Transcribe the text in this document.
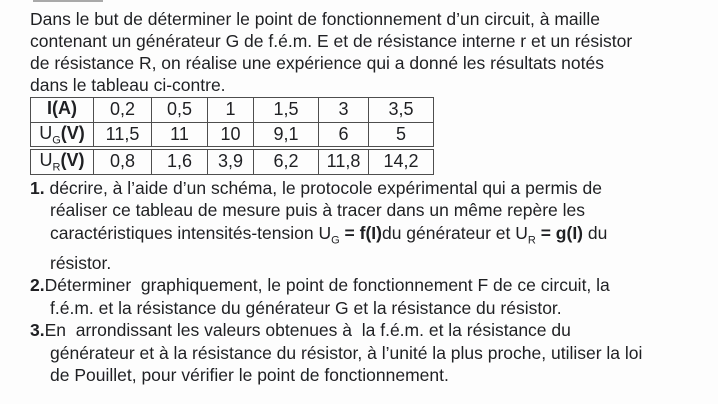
Dans le but de déterminer le point de fonctionnement d’un circuit, à maille
contenant un générateur G de f.é.m. E et de résistance interne r et un résistor
de résistance R, on réalise une expérience qui a donné les résultats notés
dans le tableau ci-contre.
I(A)	0,2	0,5	1	1,5	3	3,5
$U_G(V)$	11,5	11	10	9,1	6	5
$U_R(V)$	0,8	1,6	3,9	6,2	11,8	14,2
1. décrire, à l’aide d’un schéma, le protocole expérimental qui a permis de
réaliser ce tableau de mesure puis à tracer dans un même repère les
caractéristiques intensités-tension $U_G = f(I)du$ générateur et $U_R = g(I)$ du
résistor.
2.Déterminer  graphiquement, le point de fonctionnement F de ce circuit, la
f.é.m. et la résistance du générateur G et la résistance du résistor.
3.En  arrondissant les valeurs obtenues à  la f.é.m. et la résistance du
générateur et à la résistance du résistor, à l’unité la plus proche, utiliser la loi
de Pouillet, pour vérifier le point de fonctionnement.
